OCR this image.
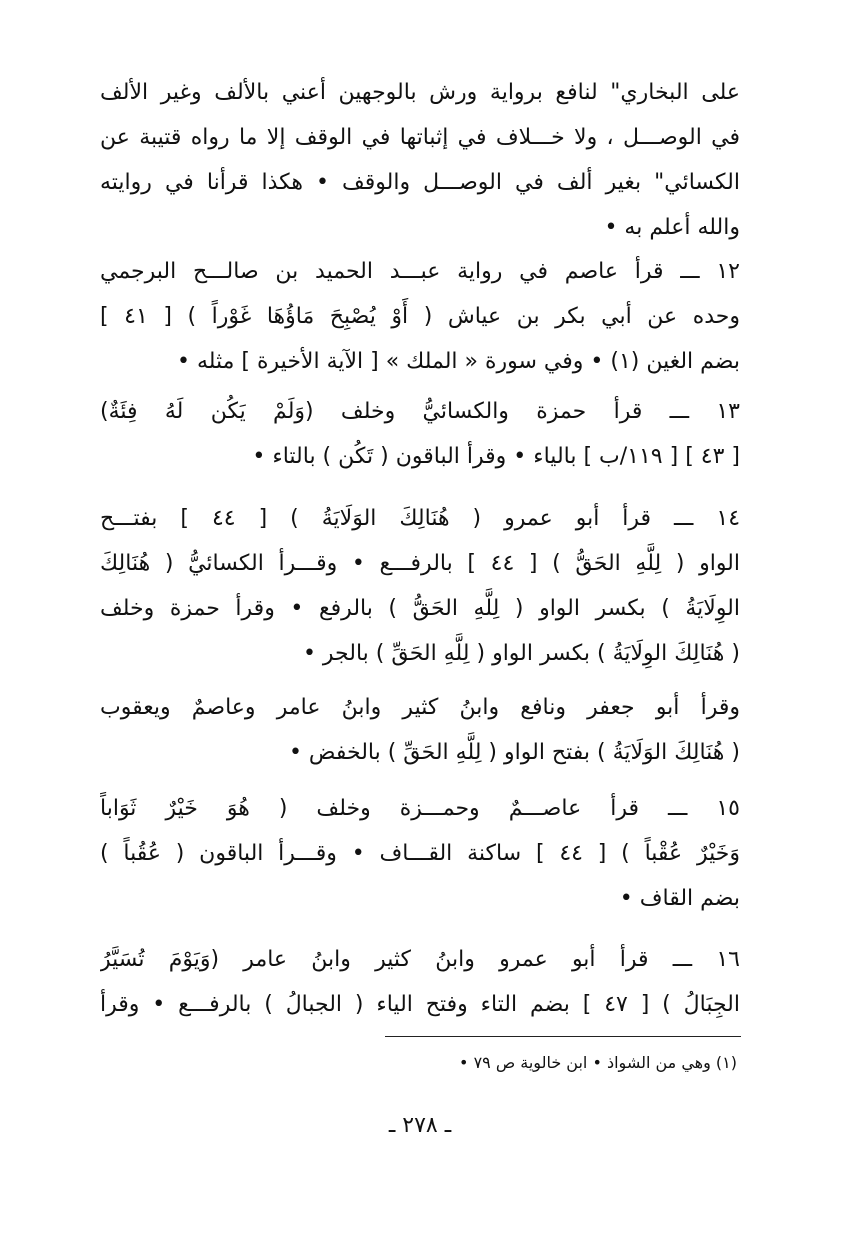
على البخاري" لنافع برواية ورش بالوجهين أعني بالألف وغير الألف
في الوصـــل ، ولا خـــلاف في إثباتها في الوقف إلا ما رواه قتيبة عن
الكسائي" بغير ألف في الوصـــل والوقف • هكذا قرأنا في روايته
والله أعلم به •
١٢ ـــ قرأ عاصم في رواية عبـــد الحميد بن صالـــح البرجمي
وحده عن أبي بكر بن عياش ( أَوْ يُصْبِحَ مَاؤُهَا غَوْراً ) [ ٤١ ]
بضم الغين (١) • وفي سورة « الملك » [ الآية الأخيرة ] مثله •
١٣ ـــ قرأ حمزة والكسائيُّ وخلف (وَلَمْ يَكُن لَهُ فِئَةٌ)
[ ٤٣ ] [ ١١٩/ب ] بالياء • وقرأ الباقون ( تَكُن ) بالتاء •
١٤ ـــ قرأ أبو عمرو ( هُنَالِكَ الوَلَايَةُ ) [ ٤٤ ] بفتـــح
الواو ( لِلَّهِ الحَقُّ ) [ ٤٤ ] بالرفـــع • وقـــرأ الكسائيُّ ( هُنَالِكَ
الوِلَايَةُ ) بكسر الواو ( لِلَّهِ الحَقُّ ) بالرفع • وقرأ حمزة وخلف
( هُنَالِكَ الوِلَايَةُ ) بكسر الواو ( لِلَّهِ الحَقِّ ) بالجر •
وقرأ أبو جعفر ونافع وابنُ كثير وابنُ عامر وعاصمٌ ويعقوب
( هُنَالِكَ الوَلَايَةُ ) بفتح الواو ( لِلَّهِ الحَقِّ ) بالخفض •
١٥ ـــ قرأ عاصـــمٌ وحمـــزة وخلف ( هُوَ خَيْرٌ ثَوَاباً
وَخَيْرٌ عُقْباً ) [ ٤٤ ] ساكنة القـــاف • وقـــرأ الباقون ( عُقُباً )
بضم القاف •
١٦ ـــ قرأ أبو عمرو وابنُ كثير وابنُ عامر (وَيَوْمَ تُسَيَّرُ
الجِبَالُ ) [ ٤٧ ] بضم التاء وفتح الياء ( الجبالُ ) بالرفـــع • وقرأ
(١) وهي من الشواذ • ابن خالوية ص ٧٩ •
ـ ٢٧٨ ـ
